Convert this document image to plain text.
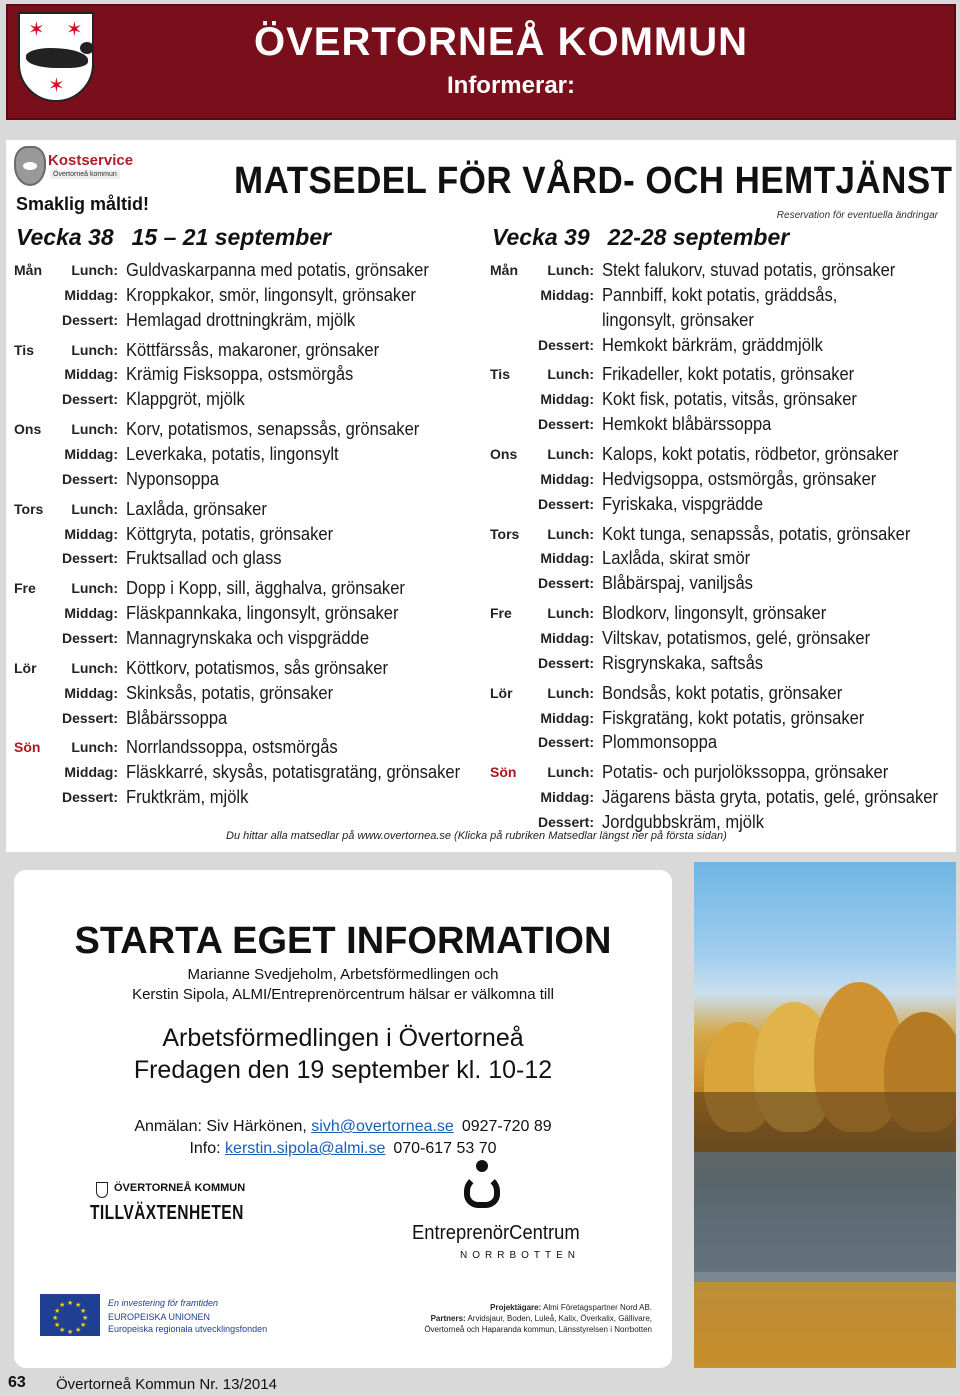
✶ ✶
✶
ÖVERTORNEÅ KOMMUN
Informerar:
Kostservice
Övertorneå kommun
Smaklig måltid!
MATSEDEL FÖR VÅRD- OCH HEMTJÄNST
Reservation för eventuella ändringar
Vecka 38 15 – 21 september	Vecka 39 22-28 september
Mån Lunch: Guldvaskarpanna med potatis, grönsaker
Middag: Kroppkakor, smör, lingonsylt, grönsaker
Dessert: Hemlagad drottningkräm, mjölk
Tis	Lunch: Köttfärssås, makaroner, grönsaker
Middag: Krämig Fisksoppa, ostsmörgås
Dessert: Klappgröt, mjölk
Ons Lunch: Korv, potatismos, senapssås, grönsaker
Middag: Leverkaka, potatis, lingonsylt
Dessert: Nyponsoppa
Tors Lunch: Laxlåda, grönsaker
Middag: Köttgryta, potatis, grönsaker
Dessert: Fruktsallad och glass
Fre	Lunch: Dopp i Kopp, sill, ägghalva, grönsaker
Middag: Fläskpannkaka, lingonsylt, grönsaker
Dessert: Mannagrynskaka och vispgrädde
Lör Lunch: Köttkorv, potatismos, sås grönsaker
Middag: Skinksås, potatis, grönsaker
Dessert: Blåbärssoppa
Sön Lunch: Norrlandssoppa, ostsmörgås
Middag: Fläskkarré, skysås, potatisgratäng, grönsaker
Dessert: Fruktkräm, mjölk
Mån Lunch: Stekt falukorv, stuvad potatis, grönsaker
Middag: Pannbiff, kokt potatis, gräddsås,
lingonsylt, grönsaker
Dessert: Hemkokt bärkräm, gräddmjölk
Tis	Lunch: Frikadeller, kokt potatis, grönsaker
Middag: Kokt fisk, potatis, vitsås, grönsaker
Dessert: Hemkokt blåbärssoppa
Ons Lunch: Kalops, kokt potatis, rödbetor, grönsaker
Middag: Hedvigsoppa, ostsmörgås, grönsaker
Dessert: Fyriskaka, vispgrädde
Tors Lunch: Kokt tunga, senapssås, potatis, grönsaker
Middag: Laxlåda, skirat smör
Dessert: Blåbärspaj, vaniljsås
Fre	Lunch: Blodkorv, lingonsylt, grönsaker
Middag: Viltskav, potatismos, gelé, grönsaker
Dessert: Risgrynskaka, saftsås
Lör Lunch: Bondsås, kokt potatis, grönsaker
Middag: Fiskgratäng, kokt potatis, grönsaker
Dessert: Plommonsoppa
Sön Lunch: Potatis- och purjolökssoppa, grönsaker
Middag: Jägarens bästa gryta, potatis, gelé, grönsaker
Dessert: Jordgubbskräm, mjölk
Du hittar alla matsedlar på www.overtornea.se (Klicka på rubriken Matsedlar längst ner på första sidan)
STARTA EGET INFORMATION
Marianne Svedjeholm, Arbetsförmedlingen och
Kerstin Sipola, ALMI/Entreprenörcentrum hälsar er välkomna till
Arbetsförmedlingen i Övertorneå
Fredagen den 19 september kl. 10-12
Anmälan: Siv Härkönen, sivh@overtornea.se 0927-720 89
Info: kerstin.sipola@almi.se 070-617 53 70
ÖVERTORNEÅ KOMMUN
TILLVÄXTENHETEN
EntreprenörCentrum
NORRBOTTEN
★ ★
★
★
★
★
★
★
★
★
★
★	En investering för framtiden
EUROPEISKA UNIONEN
Europeiska regionala utvecklingsfonden
Projektägare: Almi Företagspartner Nord AB.
Partners: Arvidsjaur, Boden, Luleå, Kalix, Överkalix, Gällivare,
Övertorneå och Haparanda kommun, Länsstyrelsen i Norrbotten
63 Övertorneå Kommun Nr. 13/2014
